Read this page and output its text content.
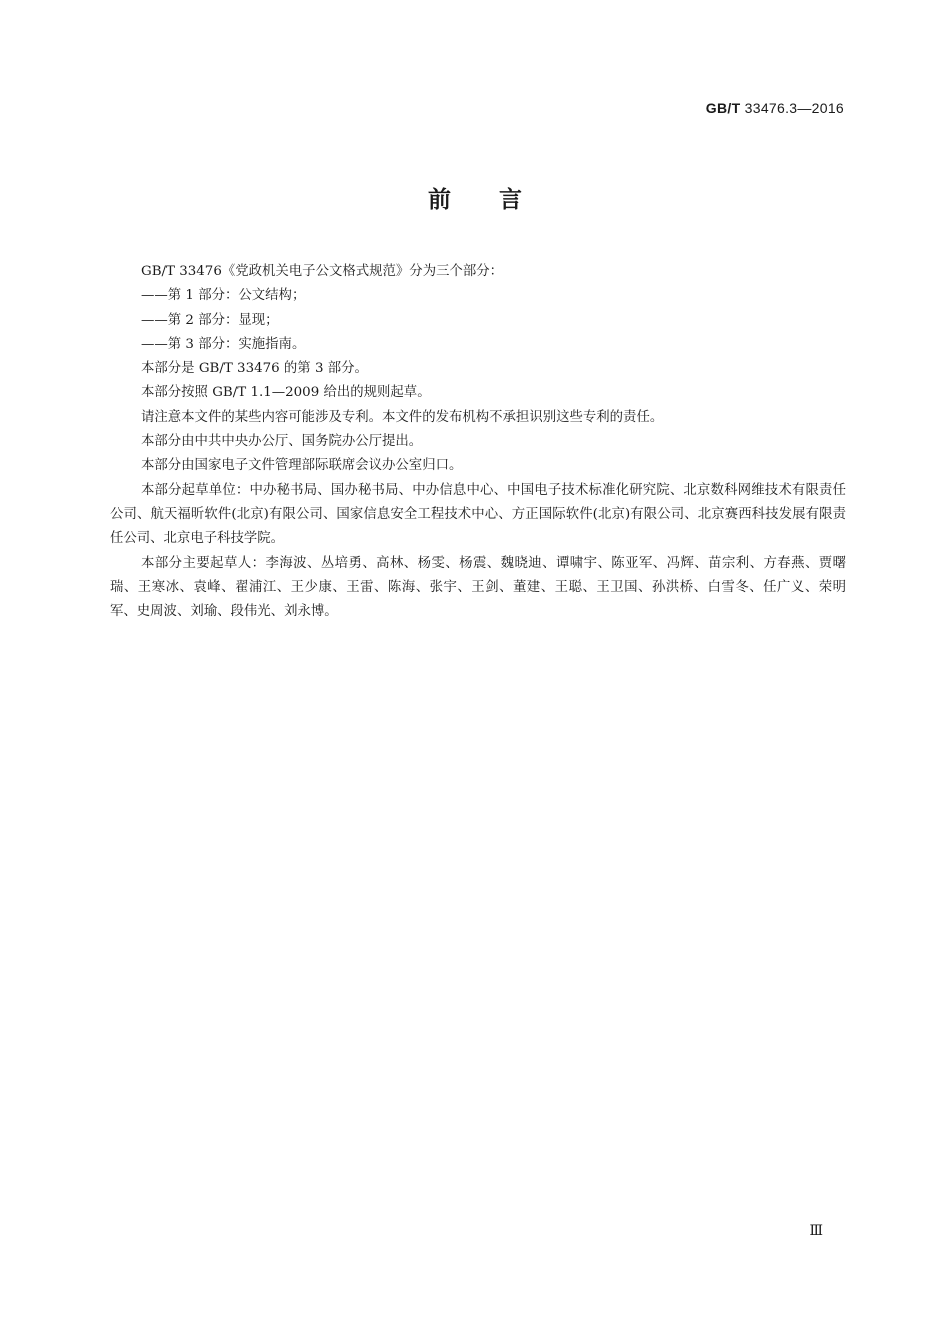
GB/T 33476.3—2016
前言

GB/T 33476《党政机关电子公文格式规范》分为三个部分：

——第 1 部分：公文结构；

——第 2 部分：显现；

——第 3 部分：实施指南。

本部分是 GB/T 33476 的第 3 部分。

本部分按照 GB/T 1.1—2009 给出的规则起草。

请注意本文件的某些内容可能涉及专利。本文件的发布机构不承担识别这些专利的责任。

本部分由中共中央办公厅、国务院办公厅提出。

本部分由国家电子文件管理部际联席会议办公室归口。

本部分起草单位：中办秘书局、国办秘书局、中办信息中心、中国电子技术标准化研究院、北京数科网维技术有限责任公司、航天福昕软件(北京)有限公司、国家信息安全工程技术中心、方正国际软件(北京)有限公司、北京赛西科技发展有限责任公司、北京电子科技学院。

本部分主要起草人：李海波、丛培勇、高林、杨雯、杨震、魏晓迪、谭啸宇、陈亚军、冯辉、苗宗利、方春燕、贾曙瑞、王寒冰、袁峰、翟浦江、王少康、王雷、陈海、张宇、王剑、董建、王聪、王卫国、孙洪桥、白雪冬、任广义、荣明军、史周波、刘瑜、段伟光、刘永博。

Ⅲ
